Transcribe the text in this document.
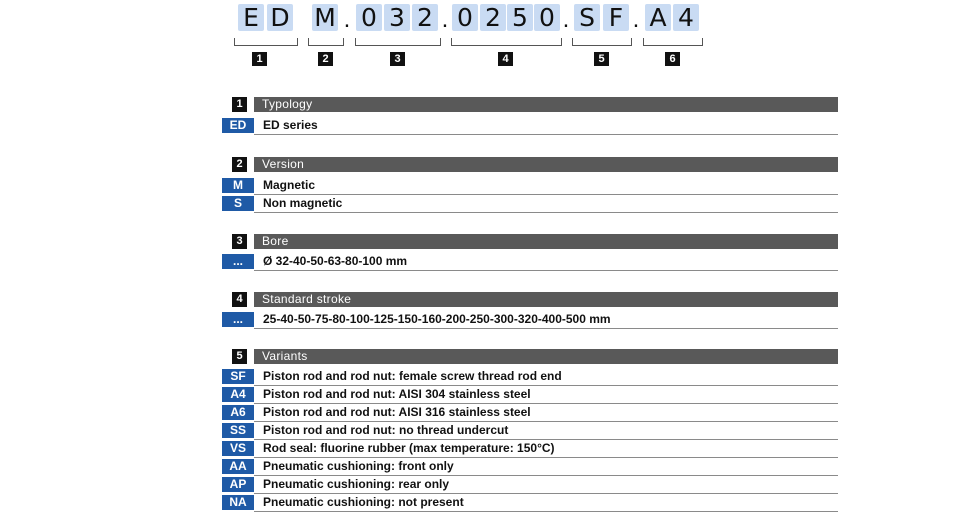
E D M . 0 3 2 . 0 2 5 0 . S F . A 4
1	2	3	4	5	6
1	Typology
ED	ED series
2	Version
M	Magnetic
S	Non magnetic
3	Bore
...	Ø 32-40-50-63-80-100 mm
4	Standard stroke
...	25-40-50-75-80-100-125-150-160-200-250-300-320-400-500 mm
5	Variants
SF	Piston rod and rod nut: female screw thread rod end
A4	Piston rod and rod nut: AISI 304 stainless steel
A6	Piston rod and rod nut: AISI 316 stainless steel
SS	Piston rod and rod nut: no thread undercut
VS	Rod seal: fluorine rubber (max temperature: 150°C)
AA	Pneumatic cushioning: front only
AP	Pneumatic cushioning: rear only
NA	Pneumatic cushioning: not present
